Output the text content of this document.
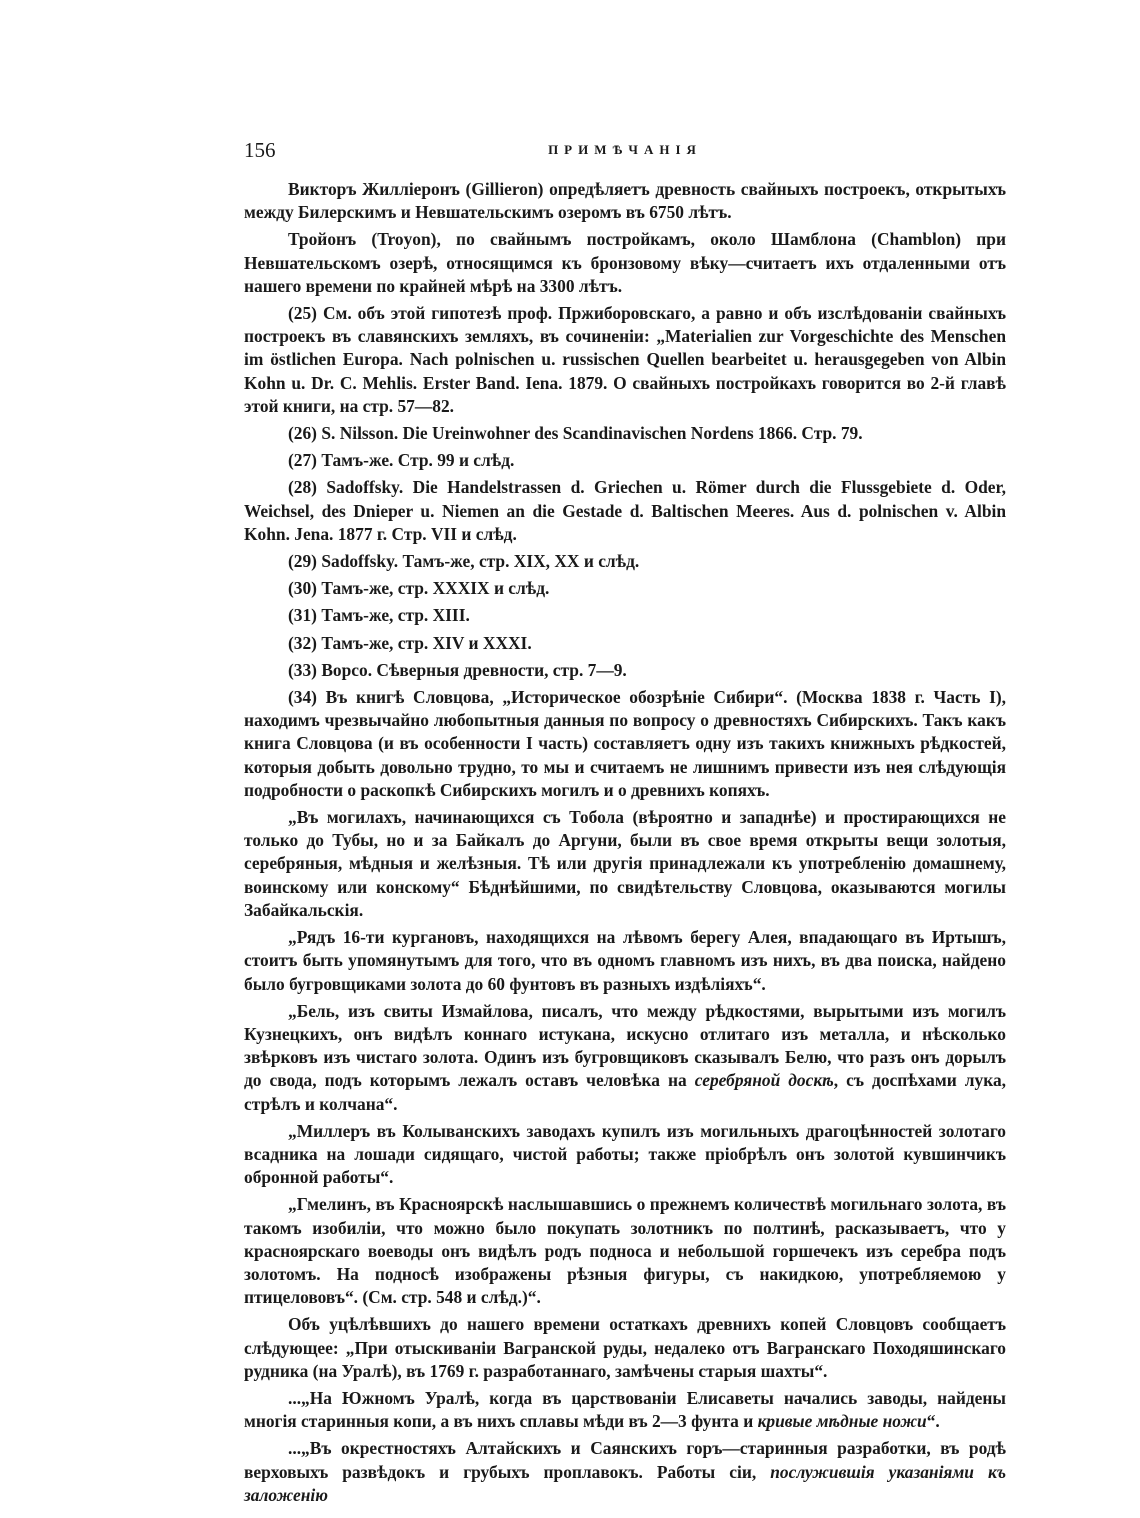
156	ПРИМѢЧАНІЯ

Викторъ Жилліеронъ (Gillieron) опредѣляетъ древность свайныхъ построекъ, открытыхъ между Билерскимъ и Невшательскимъ озеромъ въ 6750 лѣтъ.

Тройонъ (Troyon), по свайнымъ постройкамъ, около Шамблона (Chamblon) при Невшательскомъ озерѣ, относящимся къ бронзовому вѣку—считаетъ ихъ отдаленными отъ нашего времени по крайней мѣрѣ на 3300 лѣтъ.

(25) См. объ этой гипотезѣ проф. Пржиборовскаго, а равно и объ изслѣдованіи свайныхъ построекъ въ славянскихъ земляхъ, въ сочиненіи: „Materialien zur Vorgeschichte des Menschen im östlichen Europa. Nach polnischen u. russischen Quellen bearbeitet u. herausgegeben von Albin Kohn u. Dr. C. Mehlis. Erster Band. Iena. 1879. О свайныхъ постройкахъ говорится во 2-й главѣ этой книги, на стр. 57—82.

(26) S. Nilsson. Die Ureinwohner des Scandinavischen Nordens 1866. Стр. 79.

(27) Тамъ-же. Стр. 99 и слѣд.

(28) Sadoffsky. Die Handelstrassen d. Griechen u. Römer durch die Flussgebiete d. Oder, Weichsel, des Dnieper u. Niemen an die Gestade d. Baltischen Meeres. Aus d. polnischen v. Albin Kohn. Jena. 1877 г. Стр. VII и слѣд.

(29) Sadoffsky. Тамъ-же, стр. XIX, XX и слѣд.

(30) Тамъ-же, стр. XXXIX и слѣд.

(31) Тамъ-же, стр. XIII.

(32) Тамъ-же, стр. XIV и XXXI.

(33) Ворсо. Сѣверныя древности, стр. 7—9.

(34) Въ книгѣ Словцова, „Историческое обозрѣніе Сибири“. (Москва 1838 г. Часть I), находимъ чрезвычайно любопытныя данныя по вопросу о древностяхъ Сибирскихъ. Такъ какъ книга Словцова (и въ особенности I часть) составляетъ одну изъ такихъ книжныхъ рѣдкостей, которыя добыть довольно трудно, то мы и считаемъ не лишнимъ привести изъ нея слѣдующія подробности о раскопкѣ Сибирскихъ могилъ и о древнихъ копяхъ.

„Въ могилахъ, начинающихся съ Тобола (вѣроятно и западнѣе) и простирающихся не только до Тубы, но и за Байкалъ до Аргуни, были въ свое время открыты вещи золотыя, серебряныя, мѣдныя и желѣзныя. Тѣ или другія принадлежали къ употребленію домашнему, воинскому или конскому“ Бѣднѣйшими, по свидѣтельству Словцова, оказываются могилы Забайкальскія.

„Рядъ 16-ти кургановъ, находящихся на лѣвомъ берегу Алея, впадающаго въ Иртышъ, стоитъ быть упомянутымъ для того, что въ одномъ главномъ изъ нихъ, въ два поиска, найдено было бугровщиками золота до 60 фунтовъ въ разныхъ издѣліяхъ“.

„Бель, изъ свиты Измайлова, писалъ, что между рѣдкостями, вырытыми изъ могилъ Кузнецкихъ, онъ видѣлъ коннаго истукана, искусно отлитаго изъ металла, и нѣсколько звѣрковъ изъ чистаго золота. Одинъ изъ бугровщиковъ сказывалъ Белю, что разъ онъ дорылъ до свода, подъ которымъ лежалъ оставъ человѣка на серебряной доскѣ, съ доспѣхами лука, стрѣлъ и колчана“.

„Миллеръ въ Колыванскихъ заводахъ купилъ изъ могильныхъ драгоцѣнностей золотаго всадника на лошади сидящаго, чистой работы; также пріобрѣлъ онъ золотой кувшинчикъ обронной работы“.

„Гмелинъ, въ Красноярскѣ наслышавшись о прежнемъ количествѣ могильнаго золота, въ такомъ изобиліи, что можно было покупать золотникъ по полтинѣ, расказываетъ, что у красноярскаго воеводы онъ видѣлъ родъ подноса и небольшой горшечекъ изъ серебра подъ золотомъ. На подносѣ изображены рѣзныя фигуры, съ накидкою, употребляемою у птицелововъ“. (См. стр. 548 и слѣд.)“.

Объ уцѣлѣвшихъ до нашего времени остаткахъ древнихъ копей Словцовъ сообщаетъ слѣдующее: „При отыскиваніи Вагранской руды, недалеко отъ Вагранскаго Походяшинскаго рудника (на Уралѣ), въ 1769 г. разработаннаго, замѣчены старыя шахты“.

...„На Южномъ Уралѣ, когда въ царствованіи Елисаветы начались заводы, найдены многія старинныя копи, а въ нихъ сплавы мѣди въ 2—3 фунта и кривые мѣдные ножи“.

...„Въ окрестностяхъ Алтайскихъ и Саянскихъ горъ—старинныя разработки, въ родѣ верховыхъ развѣдокъ и грубыхъ проплавокъ. Работы сіи, послужившія указаніями къ заложенію
